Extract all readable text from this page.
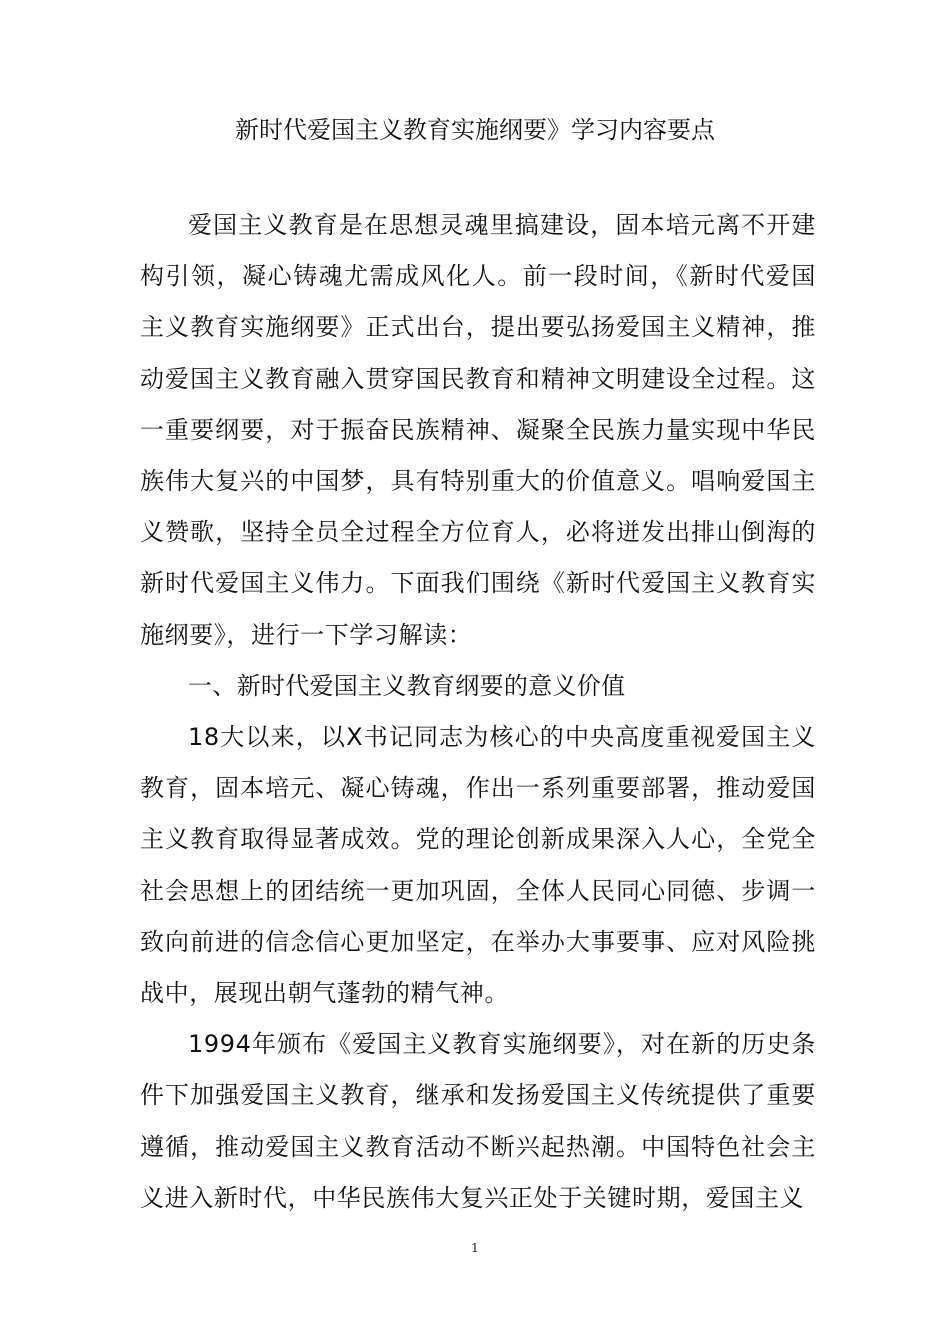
新时代爱国主义教育实施纲要》学习内容要点

爱国主义教育是在思想灵魂里搞建设，固本培元离不开建构引领，凝心铸魂尤需成风化人。前一段时间，《新时代爱国主义教育实施纲要》正式出台，提出要弘扬爱国主义精神，推动爱国主义教育融入贯穿国民教育和精神文明建设全过程。这一重要纲要，对于振奋民族精神、凝聚全民族力量实现中华民族伟大复兴的中国梦，具有特别重大的价值意义。唱响爱国主义赞歌，坚持全员全过程全方位育人，必将迸发出排山倒海的新时代爱国主义伟力。下面我们围绕《新时代爱国主义教育实施纲要》，进行一下学习解读：

一、新时代爱国主义教育纲要的意义价值

18大以来，以X书记同志为核心的中央高度重视爱国主义教育，固本培元、凝心铸魂，作出一系列重要部署，推动爱国主义教育取得显著成效。党的理论创新成果深入人心，全党全社会思想上的团结统一更加巩固，全体人民同心同德、步调一致向前进的信念信心更加坚定，在举办大事要事、应对风险挑战中，展现出朝气蓬勃的精气神。

1994年颁布《爱国主义教育实施纲要》，对在新的历史条件下加强爱国主义教育，继承和发扬爱国主义传统提供了重要遵循，推动爱国主义教育活动不断兴起热潮。中国特色社会主义进入新时代，中华民族伟大复兴正处于关键时期，爱国主义

1
